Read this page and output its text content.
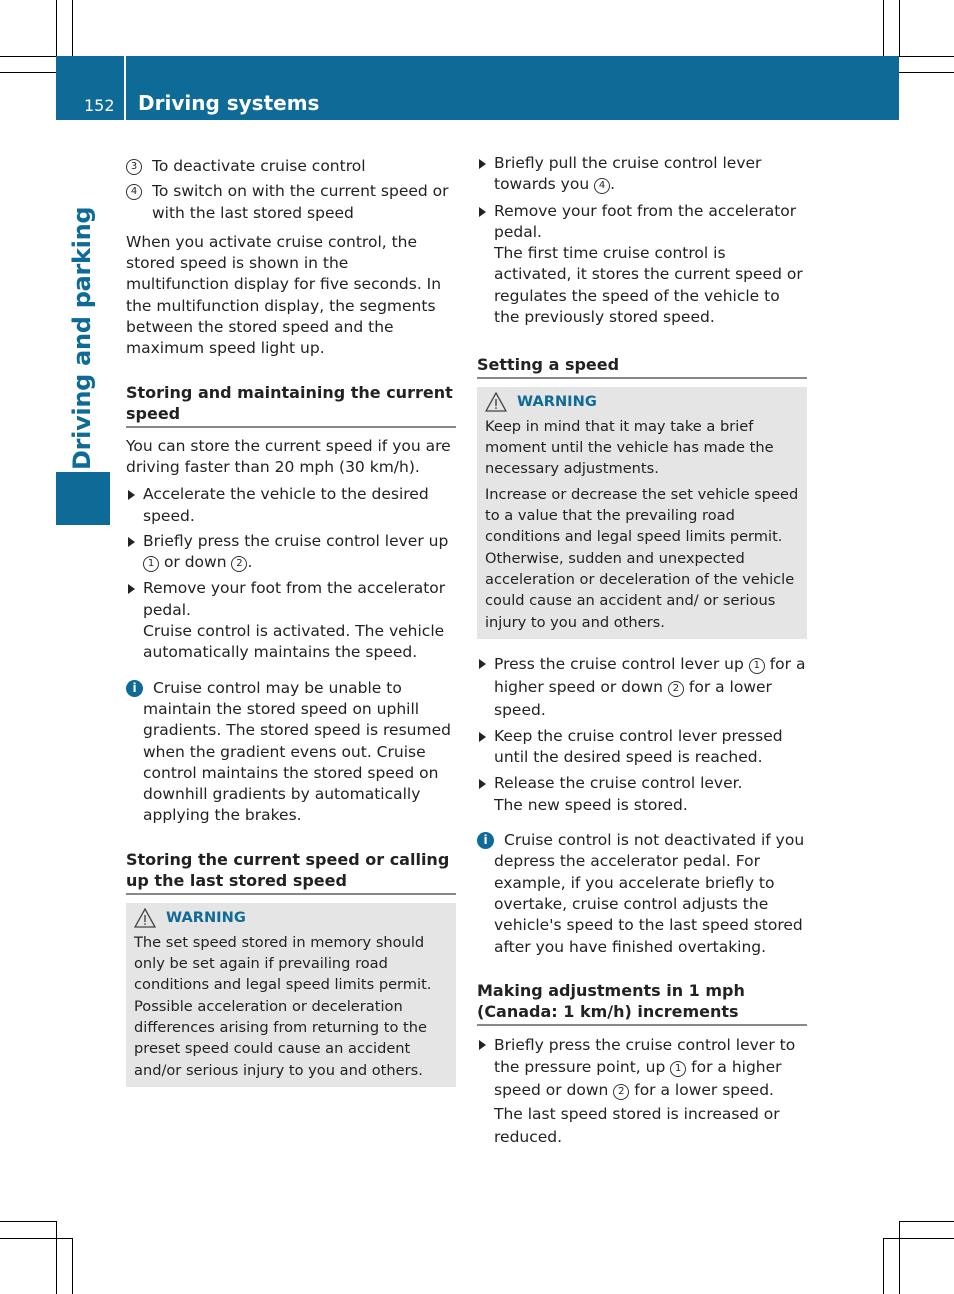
152 Driving systems
Driving and parking

3 To deactivate cruise control

4 To switch on with the current speed or with the last stored speed

When you activate cruise control, the stored speed is shown in the multifunction display for five seconds. In the multifunction display, the segments between the stored speed and the maximum speed light up.

Storing and maintaining the current speed

You can store the current speed if you are driving faster than 20 mph (30 km/h).

Accelerate the vehicle to the desired speed.

Briefly press the cruise control lever up 1 or down 2 .

Remove your foot from the accelerator pedal.
Cruise control is activated. The vehicle automatically maintains the speed.

i	Cruise control may be unable to maintain the stored speed on uphill gradients. The stored speed is resumed when the gradient evens out. Cruise control maintains the stored speed on downhill gradients by automatically applying the brakes.

Storing the current speed or calling up the last stored speed

WARNING

The set speed stored in memory should only be set again if prevailing road conditions and legal speed limits permit. Possible acceleration or deceleration differences arising from returning to the preset speed could cause an accident and/or serious injury to you and others.

Briefly pull the cruise control lever towards you 4 .

Remove your foot from the accelerator pedal.
The first time cruise control is activated, it stores the current speed or regulates the speed of the vehicle to the previously stored speed.

Setting a speed

WARNING

Keep in mind that it may take a brief moment until the vehicle has made the necessary adjustments.

Increase or decrease the set vehicle speed to a value that the prevailing road conditions and legal speed limits permit. Otherwise, sudden and unexpected acceleration or deceleration of the vehicle could cause an accident and/ or serious injury to you and others.

Press the cruise control lever up 1 for a higher speed or down 2 for a lower speed.

Keep the cruise control lever pressed until the desired speed is reached.

Release the cruise control lever.
The new speed is stored.

i	Cruise control is not deactivated if you depress the accelerator pedal. For example, if you accelerate briefly to overtake, cruise control adjusts the vehicle's speed to the last speed stored after you have finished overtaking.

Making adjustments in 1 mph (Canada: 1 km/h) increments

Briefly press the cruise control lever to the pressure point, up 1 for a higher speed or down 2 for a lower speed.
The last speed stored is increased or reduced.
